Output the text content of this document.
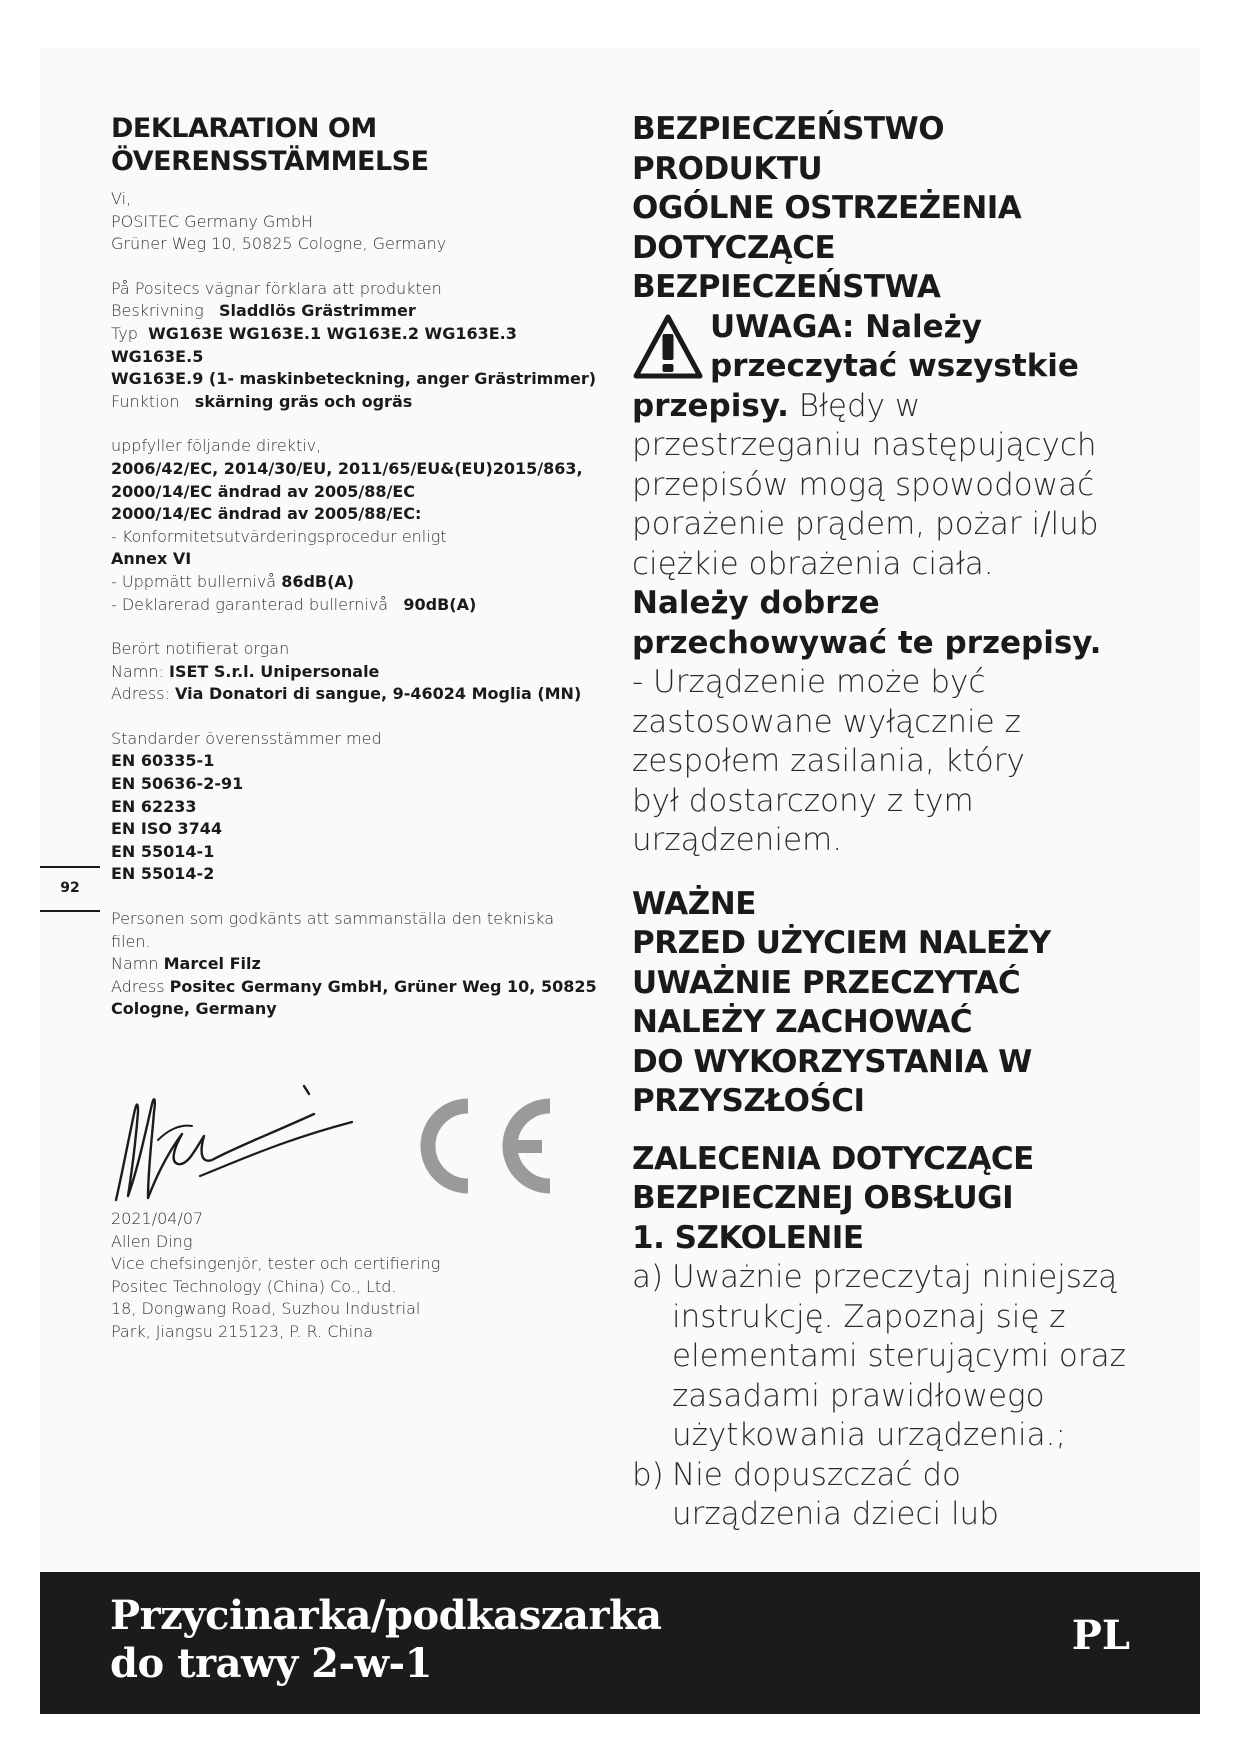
DEKLARATION OM
ÖVERENSSTÄMMELSE
Vi,
POSITEC Germany GmbH
Grüner Weg 10, 50825 Cologne, Germany
På Positecs vägnar förklara att produkten
Beskrivning Sladdlös Grästrimmer
Typ WG163E WG163E.1 WG163E.2 WG163E.3 WG163E.5
WG163E.9 (1- maskinbeteckning, anger Grästrimmer)
Funktion skärning gräs och ogräs
uppfyller följande direktiv,
2006/42/EC, 2014/30/EU, 2011/65/EU&(EU)2015/863,
2000/14/EC ändrad av 2005/88/EC
2000/14/EC ändrad av 2005/88/EC:
- Konformitetsutvärderingsprocedur enligt
Annex VI
- Uppmätt bullernivå 86dB(A)
- Deklarerad garanterad bullernivå 90dB(A)
Berört notifierat organ
Namn: ISET S.r.l. Unipersonale
Adress: Via Donatori di sangue, 9-46024 Moglia (MN)
Standarder överensstämmer med
EN 60335-1
EN 50636-2-91
EN 62233
EN ISO 3744
EN 55014-1
EN 55014-2
Personen som godkänts att sammanställa den tekniska
filen.
Namn Marcel Filz
Adress Positec Germany GmbH, Grüner Weg 10, 50825
Cologne, Germany
92
2021/04/07
Allen Ding
Vice chefsingenjör, tester och certifiering
Positec Technology (China) Co., Ltd.
18, Dongwang Road, Suzhou Industrial
Park, Jiangsu 215123, P. R. China
BEZPIECZEŃSTWO
PRODUKTU
OGÓLNE OSTRZEŻENIA
DOTYCZĄCE
BEZPIECZEŃSTWA
UWAGA: Należy
przeczytać wszystkie
przepisy. Błędy w
przestrzeganiu następujących
przepisów mogą spowodować
porażenie prądem, pożar i/lub
ciężkie obrażenia ciała.
Należy dobrze
przechowywać te przepisy.
- Urządzenie może być
zastosowane wyłącznie z
zespołem zasilania, który
był dostarczony z tym
urządzeniem.
WAŻNE
PRZED UŻYCIEM NALEŻY
UWAŻNIE PRZECZYTAĆ
NALEŻY ZACHOWAĆ
DO WYKORZYSTANIA W
PRZYSZŁOŚCI
ZALECENIA DOTYCZĄCE
BEZPIECZNEJ OBSŁUGI
1. SZKOLENIE
a) Uważnie przeczytaj niniejszą
instrukcję. Zapoznaj się z
elementami sterującymi oraz
zasadami prawidłowego
użytkowania urządzenia.;
b) Nie dopuszczać do
urządzenia dzieci lub
Przycinarka/podkaszarka
do trawy 2-w-1
PL
